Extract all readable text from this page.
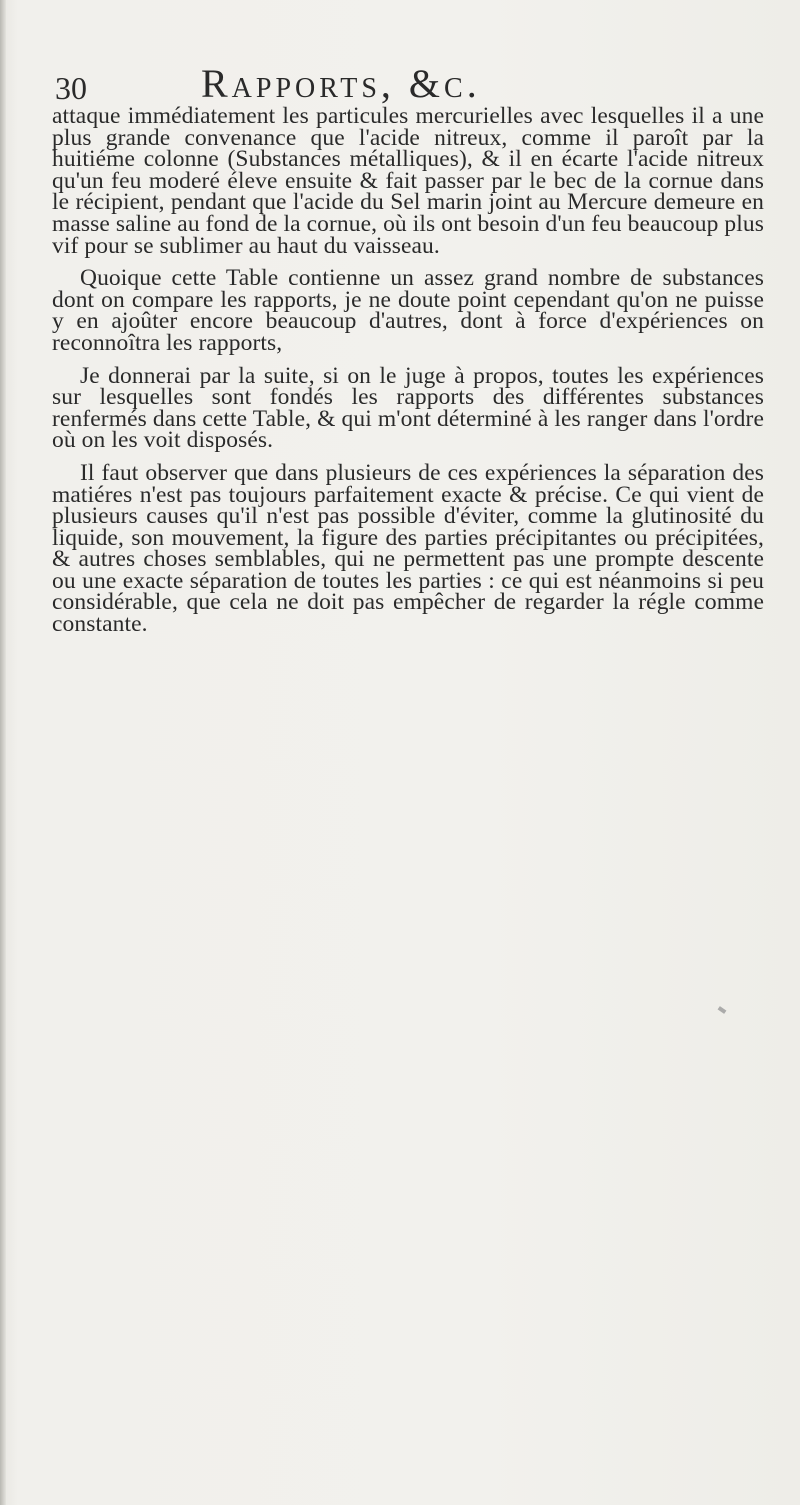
30	Rapports, &c.

attaque immédiatement les particules mercurielles avec lesquelles il a une plus grande convenance que l'acide nitreux, comme il paroît par la huitiéme colonne (Substances métalliques), & il en écarte l'acide nitreux qu'un feu moderé éleve ensuite & fait passer par le bec de la cornue dans le récipient, pendant que l'acide du Sel marin joint au Mercure demeure en masse saline au fond de la cornue, où ils ont besoin d'un feu beaucoup plus vif pour se sublimer au haut du vaisseau.

Quoique cette Table contienne un assez grand nombre de substances dont on compare les rapports, je ne doute point cependant qu'on ne puisse y en ajoûter encore beaucoup d'autres, dont à force d'expériences on reconnoîtra les rapports,

Je donnerai par la suite, si on le juge à propos, toutes les expériences sur lesquelles sont fondés les rapports des différentes substances renfermés dans cette Table, & qui m'ont déterminé à les ranger dans l'ordre où on les voit disposés.

Il faut observer que dans plusieurs de ces expériences la séparation des matiéres n'est pas toujours parfaitement exacte & précise. Ce qui vient de plusieurs causes qu'il n'est pas possible d'éviter, comme la glutinosité du liquide, son mouvement, la figure des parties précipitantes ou précipitées, & autres choses semblables, qui ne permettent pas une prompte descente ou une exacte séparation de toutes les parties : ce qui est néanmoins si peu considérable, que cela ne doit pas empêcher de regarder la régle comme constante.
